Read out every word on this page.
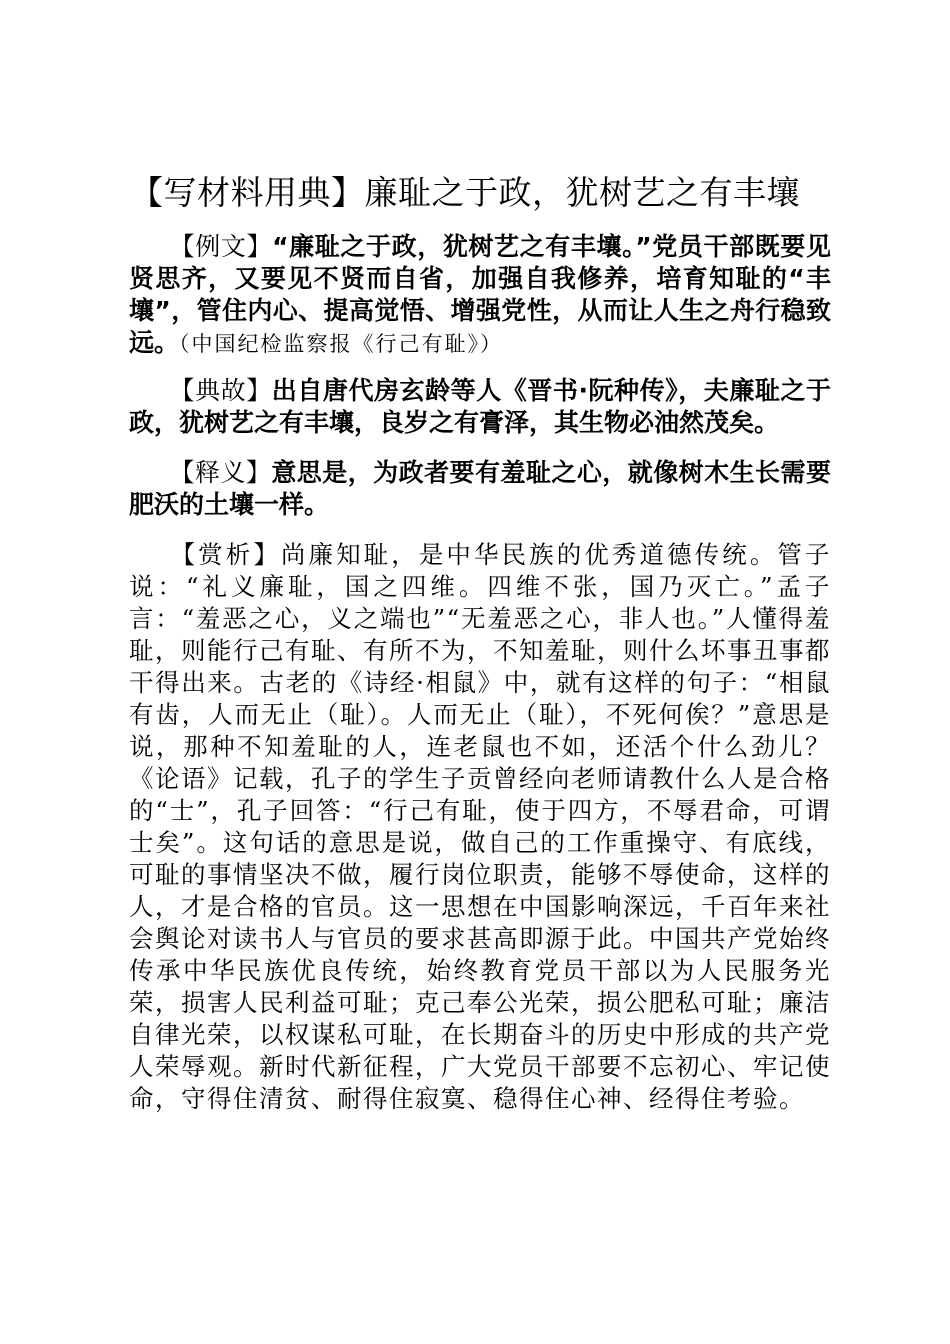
【写材料用典】廉耻之于政，犹树艺之有丰壤

【例文】“廉耻之于政，犹树艺之有丰壤。”党员干部既要见贤思齐，又要见不贤而自省，加强自我修养，培育知耻的“丰壤”，管住内心、提高觉悟、增强党性，从而让人生之舟行稳致远。（中国纪检监察报《行己有耻》）

【典故】出自唐代房玄龄等人《晋书·阮种传》，夫廉耻之于政，犹树艺之有丰壤，良岁之有膏泽，其生物必油然茂矣。

【释义】意思是，为政者要有羞耻之心，就像树木生长需要肥沃的土壤一样。

【赏析】尚廉知耻，是中华民族的优秀道德传统。管子说：“礼义廉耻，国之四维。四维不张，国乃灭亡。”孟子言：“羞恶之心，义之端也”“无羞恶之心，非人也。”人懂得羞耻，则能行己有耻、有所不为，不知羞耻，则什么坏事丑事都干得出来。古老的《诗经·相鼠》中，就有这样的句子：“相鼠有齿，人而无止（耻）。人而无止（耻），不死何俟？”意思是说，那种不知羞耻的人，连老鼠也不如，还活个什么劲儿？《论语》记载，孔子的学生子贡曾经向老师请教什么人是合格的“士”，孔子回答：“行己有耻，使于四方，不辱君命，可谓士矣”。这句话的意思是说，做自己的工作重操守、有底线，可耻的事情坚决不做，履行岗位职责，能够不辱使命，这样的人，才是合格的官员。这一思想在中国影响深远，千百年来社会舆论对读书人与官员的要求甚高即源于此。中国共产党始终传承中华民族优良传统，始终教育党员干部以为人民服务光荣，损害人民利益可耻；克己奉公光荣，损公肥私可耻；廉洁自律光荣，以权谋私可耻，在长期奋斗的历史中形成的共产党人荣辱观。新时代新征程，广大党员干部要不忘初心、牢记使命，守得住清贫、耐得住寂寞、稳得住心神、经得住考验。
